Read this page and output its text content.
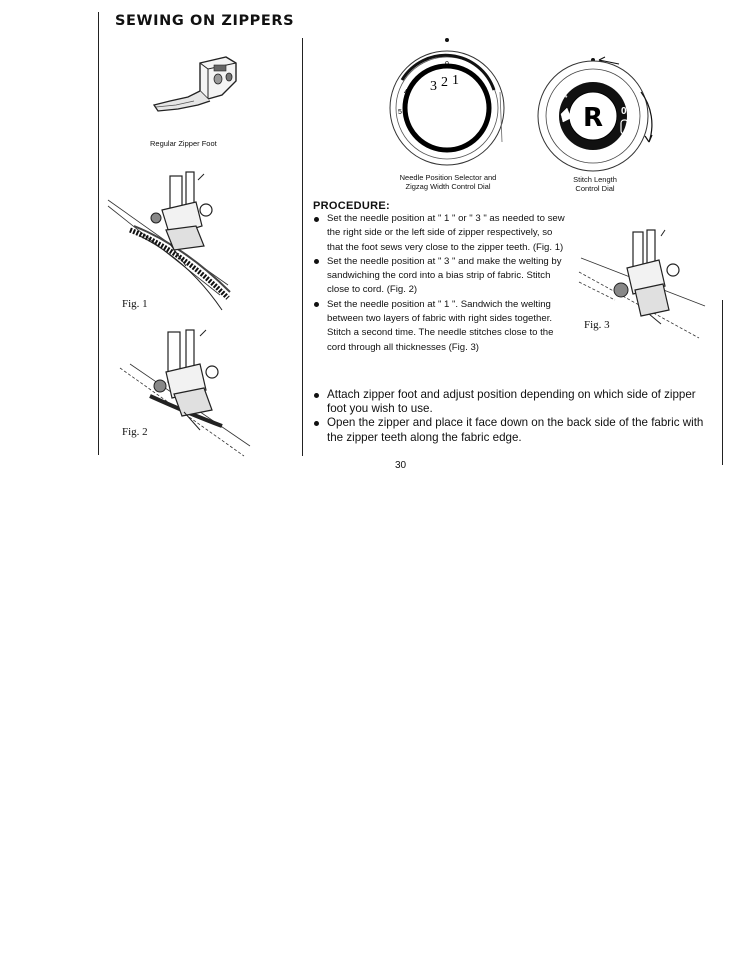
SEWING ON ZIPPERS
Regular Zipper Foot
Fig. 1
Fig. 2
3 2 1
0
5
4
Needle Position Selector and
Zigzag Width Control Dial
R
3	2
1
0
4
Stitch Length
Control Dial
PROCEDURE:
Set the needle position at " 1 " or " 3 " as needed to sew the right side or the left side of zipper respectively, so that the foot sews very close to the zipper teeth. (Fig. 1)
Set the needle position at " 3 " and make the welting by sandwiching the cord into a bias strip of fabric. Stitch close to cord. (Fig. 2)
Set the needle position at " 1 ". Sandwich the welting between two layers of fabric with right sides together. Stitch a second time. The needle stitches close to the cord through all thicknesses (Fig. 3)
Fig. 3
Attach zipper foot and adjust position depending on which side of zipper foot you wish to use.
Open the zipper and place it face down on the back side of the fabric with the zipper teeth along the fabric edge.
30
